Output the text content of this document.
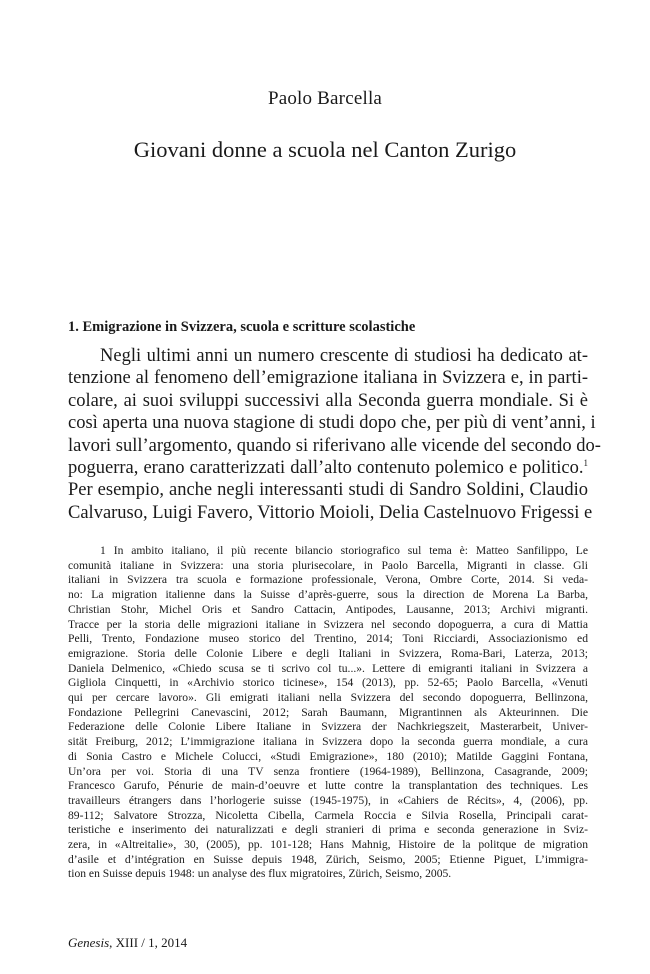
Paolo Barcella
Giovani donne a scuola nel Canton Zurigo
1. Emigrazione in Svizzera, scuola e scritture scolastiche
Negli ultimi anni un numero crescente di studiosi ha dedicato at-
tenzione al fenomeno dell’emigrazione italiana in Svizzera e, in parti-
colare, ai suoi sviluppi successivi alla Seconda guerra mondiale. Si è
così aperta una nuova stagione di studi dopo che, per più di vent’anni, i
lavori sull’argomento, quando si riferivano alle vicende del secondo do-
poguerra, erano caratterizzati dall’alto contenuto polemico e politico.$^1$
Per esempio, anche negli interessanti studi di Sandro Soldini, Claudio
Calvaruso, Luigi Favero, Vittorio Moioli, Delia Castelnuovo Frigessi e
1 In ambito italiano, il più recente bilancio storiografico sul tema è: Matteo Sanfilippo, Le
comunità italiane in Svizzera: una storia plurisecolare, in Paolo Barcella, Migranti in classe. Gli
italiani in Svizzera tra scuola e formazione professionale, Verona, Ombre Corte, 2014. Si veda-
no: La migration italienne dans la Suisse d’après-guerre, sous la direction de Morena La Barba,
Christian Stohr, Michel Oris et Sandro Cattacin, Antipodes, Lausanne, 2013; Archivi migranti.
Tracce per la storia delle migrazioni italiane in Svizzera nel secondo dopoguerra, a cura di Mattia
Pelli, Trento, Fondazione museo storico del Trentino, 2014; Toni Ricciardi, Associazionismo ed
emigrazione. Storia delle Colonie Libere e degli Italiani in Svizzera, Roma-Bari, Laterza, 2013;
Daniela Delmenico, «Chiedo scusa se ti scrivo col tu...». Lettere di emigranti italiani in Svizzera a
Gigliola Cinquetti, in «Archivio storico ticinese», 154 (2013), pp. 52-65; Paolo Barcella, «Venuti
qui per cercare lavoro». Gli emigrati italiani nella Svizzera del secondo dopoguerra, Bellinzona,
Fondazione Pellegrini Canevascini, 2012; Sarah Baumann, Migrantinnen als Akteurinnen. Die
Federazione delle Colonie Libere Italiane in Svizzera der Nachkriegszeit, Masterarbeit, Univer-
sität Freiburg, 2012; L’immigrazione italiana in Svizzera dopo la seconda guerra mondiale, a cura
di Sonia Castro e Michele Colucci, «Studi Emigrazione», 180 (2010); Matilde Gaggini Fontana,
Un’ora per voi. Storia di una TV senza frontiere (1964-1989), Bellinzona, Casagrande, 2009;
Francesco Garufo, Pénurie de main-d’oeuvre et lutte contre la transplantation des techniques. Les
travailleurs étrangers dans l’horlogerie suisse (1945-1975), in «Cahiers de Récits», 4, (2006), pp.
89-112; Salvatore Strozza, Nicoletta Cibella, Carmela Roccia e Silvia Rosella, Principali carat-
teristiche e inserimento dei naturalizzati e degli stranieri di prima e seconda generazione in Sviz-
zera, in «Altreitalie», 30, (2005), pp. 101-128; Hans Mahnig, Histoire de la politque de migration
d’asile et d’intégration en Suisse depuis 1948, Zürich, Seismo, 2005; Etienne Piguet, L’immigra-
tion en Suisse depuis 1948: un analyse des flux migratoires, Zürich, Seismo, 2005.
Genesis, XIII / 1, 2014
